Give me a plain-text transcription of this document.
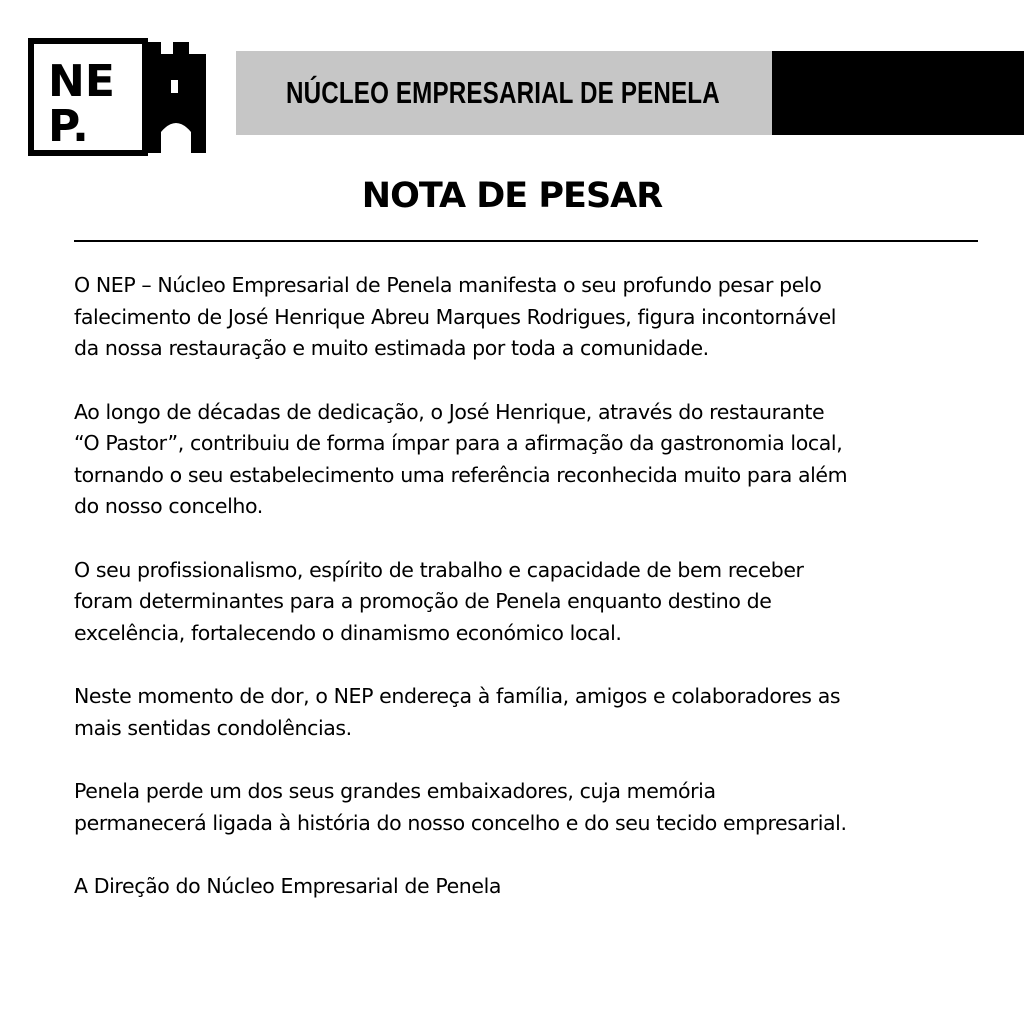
NE
P.
NÚCLEO EMPRESARIAL DE PENELA
NOTA DE PESAR

O NEP – Núcleo Empresarial de Penela manifesta o seu profundo pesar pelo
falecimento de José Henrique Abreu Marques Rodrigues, figura incontornável
da nossa restauração e muito estimada por toda a comunidade.

Ao longo de décadas de dedicação, o José Henrique, através do restaurante
“O Pastor”, contribuiu de forma ímpar para a afirmação da gastronomia local,
tornando o seu estabelecimento uma referência reconhecida muito para além
do nosso concelho.

O seu profissionalismo, espírito de trabalho e capacidade de bem receber
foram determinantes para a promoção de Penela enquanto destino de
excelência, fortalecendo o dinamismo económico local.

Neste momento de dor, o NEP endereça à família, amigos e colaboradores as
mais sentidas condolências.

Penela perde um dos seus grandes embaixadores, cuja memória
permanecerá ligada à história do nosso concelho e do seu tecido empresarial.

A Direção do Núcleo Empresarial de Penela
